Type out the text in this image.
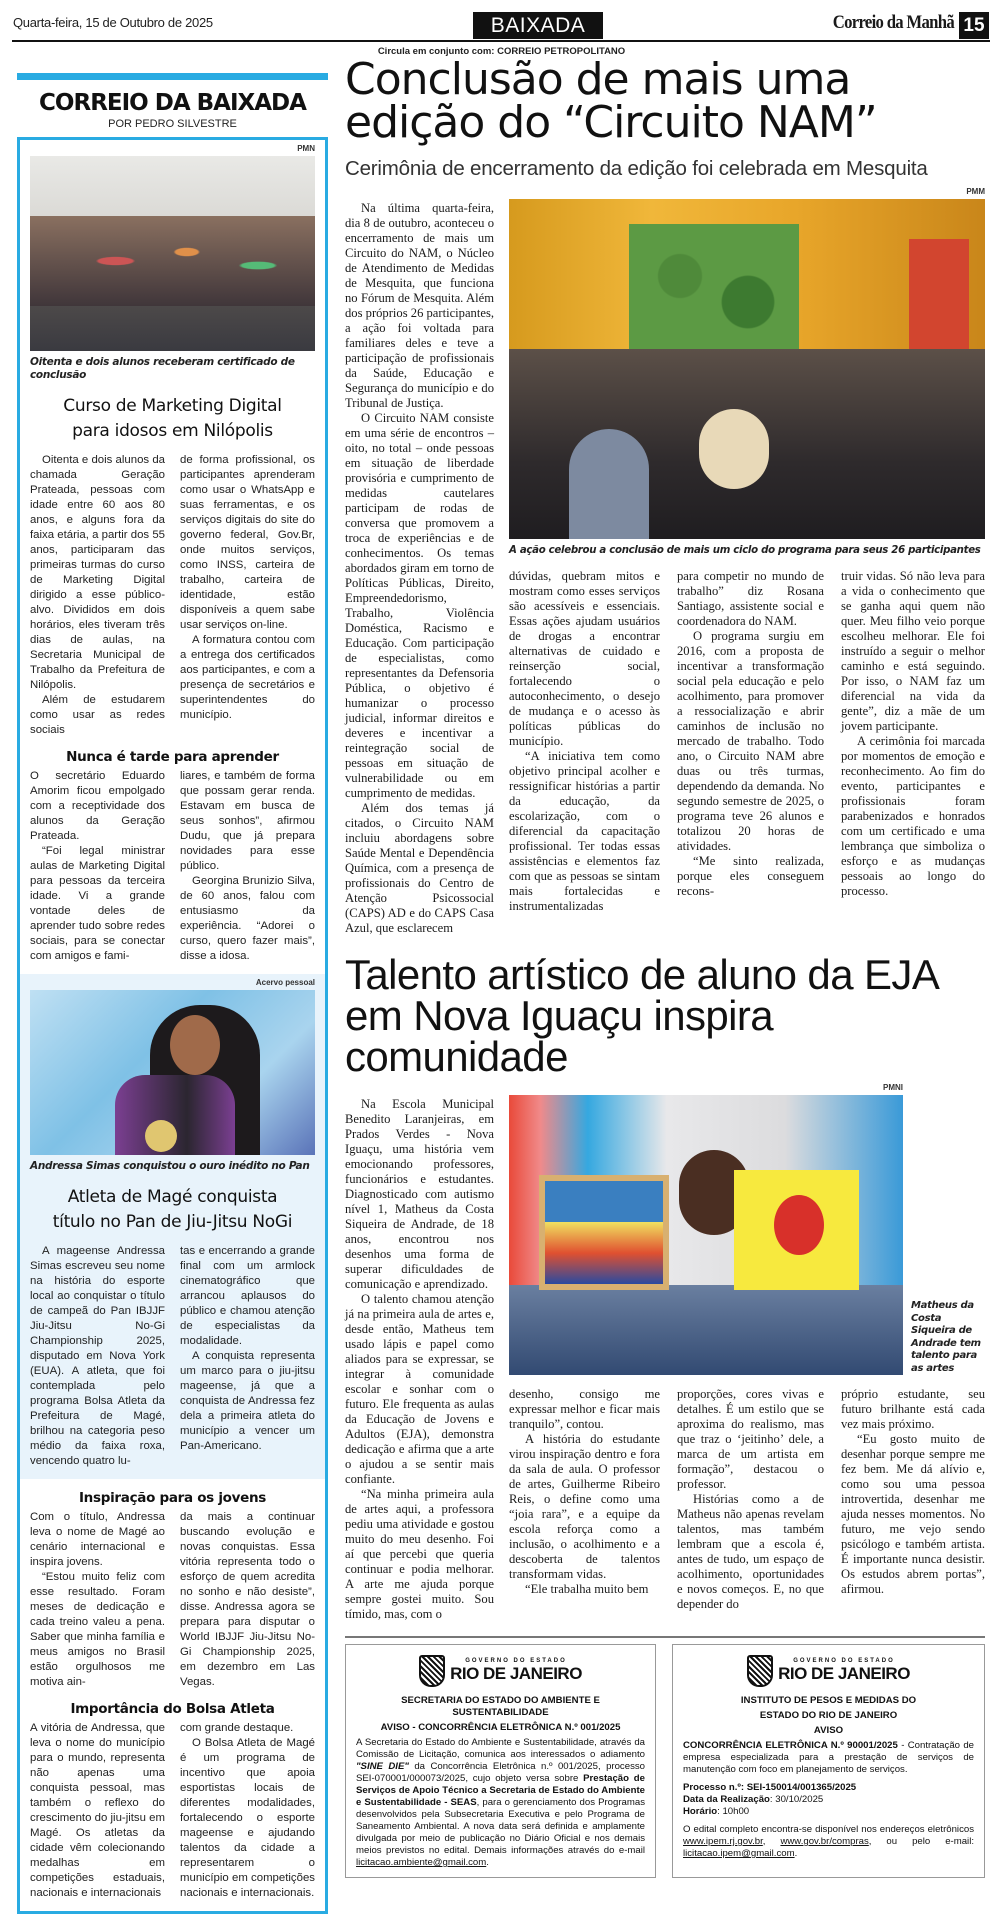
Quarta-feira, 15 de Outubro de 2025	BAIXADA	Correio da Manhã 15
Circula em conjunto com: CORREIO PETROPOLITANO
CORREIO DA BAIXADA
POR PEDRO SILVESTRE
PMN
Oitenta e dois alunos receberam certificado de conclusão
Curso de Marketing Digital
para idosos em Nilópolis

Oitenta e dois alunos da chamada Geração Prateada, pessoas com idade entre 60 aos 80 anos, e alguns fora da faixa etária, a partir dos 55 anos, participaram das primeiras turmas do curso de Marketing Digital dirigido a esse público-alvo. Divididos em dois horários, eles tiveram três dias de aulas, na Secretaria Municipal de Trabalho da Prefeitura de Nilópolis.

Além de estudarem como usar as redes sociais

de forma profissional, os participantes aprenderam como usar o WhatsApp e suas ferramentas, e os serviços digitais do site do governo federal, Gov.Br, onde muitos serviços, como INSS, carteira de trabalho, carteira de identidade, estão disponíveis a quem sabe usar serviços on-line.

A formatura contou com a entrega dos certificados aos participantes, e com a presença de secretários e superintendentes do município.

Nunca é tarde para aprender

O secretário Eduardo Amorim ficou empolgado com a receptividade dos alunos da Geração Prateada.

“Foi legal ministrar aulas de Marketing Digital para pessoas da terceira idade. Vi a grande vontade deles de aprender tudo sobre redes sociais, para se conectar com amigos e fami-

liares, e também de forma que possam gerar renda. Estavam em busca de seus sonhos”, afirmou Dudu, que já prepara novidades para esse público.

Georgina Brunizio Silva, de 60 anos, falou com entusiasmo da experiência. “Adorei o curso, quero fazer mais”, disse a idosa.

Acervo pessoal
Andressa Simas conquistou o ouro inédito no Pan
Atleta de Magé conquista
título no Pan de Jiu-Jitsu NoGi

A mageense Andressa Simas escreveu seu nome na história do esporte local ao conquistar o título de campeã do Pan IBJJF Jiu-Jitsu No-Gi Championship 2025, disputado em Nova York (EUA). A atleta, que foi contemplada pelo programa Bolsa Atleta da Prefeitura de Magé, brilhou na categoria peso médio da faixa roxa, vencendo quatro lu-

tas e encerrando a grande final com um armlock cinematográfico que arrancou aplausos do público e chamou atenção de especialistas da modalidade.

A conquista representa um marco para o jiu-jitsu mageense, já que a conquista de Andressa fez dela a primeira atleta do município a vencer um Pan-Americano.

Inspiração para os jovens

Com o título, Andressa leva o nome de Magé ao cenário internacional e inspira jovens.

“Estou muito feliz com esse resultado. Foram meses de dedicação e cada treino valeu a pena. Saber que minha família e meus amigos no Brasil estão orgulhosos me motiva ain-

da mais a continuar buscando evolução e novas conquistas. Essa vitória representa todo o esforço de quem acredita no sonho e não desiste”, disse. Andressa agora se prepara para disputar o World IBJJF Jiu-Jitsu No-Gi Championship 2025, em dezembro em Las Vegas.

Importância do Bolsa Atleta

A vitória de Andressa, que leva o nome do município para o mundo, representa não apenas uma conquista pessoal, mas também o reflexo do crescimento do jiu-jitsu em Magé. Os atletas da cidade vêm colecionando medalhas em competições estaduais, nacionais e internacionais

com grande destaque.

O Bolsa Atleta de Magé é um programa de incentivo que apoia esportistas locais de diferentes modalidades, fortalecendo o esporte mageense e ajudando talentos da cidade a representarem o município em competições nacionais e internacionais.

Conclusão de mais uma
edição do “Circuito NAM”
Cerimônia de encerramento da edição foi celebrada em Mesquita

Na última quarta-feira, dia 8 de outubro, aconteceu o encerramento de mais um Circuito do NAM, o Núcleo de Atendimento de Medidas de Mesquita, que funciona no Fórum de Mesquita. Além dos próprios 26 participantes, a ação foi voltada para familiares deles e teve a participação de profissionais da Saúde, Educação e Segurança do município e do Tribunal de Justiça.

O Circuito NAM consiste em uma série de encontros – oito, no total – onde pessoas em situação de liberdade provisória e cumprimento de medidas cautelares participam de rodas de conversa que promovem a troca de experiências e de conhecimentos. Os temas abordados giram em torno de Políticas Públicas, Direito, Empreendedorismo, Trabalho, Violência Doméstica, Racismo e Educação. Com participação de especialistas, como representantes da Defensoria Pública, o objetivo é humanizar o processo judicial, informar direitos e deveres e incentivar a reintegração social de pessoas em situação de vulnerabilidade ou em cumprimento de medidas.

Além dos temas já citados, o Circuito NAM incluiu abordagens sobre Saúde Mental e Dependência Química, com a presença de profissionais do Centro de Atenção Psicossocial (CAPS) AD e do CAPS Casa Azul, que esclarecem

PMM
A ação celebrou a conclusão de mais um ciclo do programa para seus 26 participantes

dúvidas, quebram mitos e mostram como esses serviços são acessíveis e essenciais. Essas ações ajudam usuários de drogas a encontrar alternativas de cuidado e reinserção social, fortalecendo o autoconhecimento, o desejo de mudança e o acesso às políticas públicas do município.

“A iniciativa tem como objetivo principal acolher e ressignificar histórias a partir da educação, da escolarização, com o diferencial da capacitação profissional. Ter todas essas assistências e elementos faz com que as pessoas se sintam mais fortalecidas e instrumentalizadas

para competir no mundo de trabalho” diz Rosana Santiago, assistente social e coordenadora do NAM.

O programa surgiu em 2016, com a proposta de incentivar a transformação social pela educação e pelo acolhimento, para promover a ressocialização e abrir caminhos de inclusão no mercado de trabalho. Todo ano, o Circuito NAM abre duas ou três turmas, dependendo da demanda. No segundo semestre de 2025, o programa teve 26 alunos e totalizou 20 horas de atividades.

“Me sinto realizada, porque eles conseguem recons-

truir vidas. Só não leva para a vida o conhecimento que se ganha aqui quem não quer. Meu filho veio porque escolheu melhorar. Ele foi instruído a seguir o melhor caminho e está seguindo. Por isso, o NAM faz um diferencial na vida da gente”, diz a mãe de um jovem participante.

A cerimônia foi marcada por momentos de emoção e reconhecimento. Ao fim do evento, participantes e profissionais foram parabenizados e honrados com um certificado e uma lembrança que simboliza o esforço e as mudanças pessoais ao longo do processo.

Talento artístico de aluno da EJA
em Nova Iguaçu inspira comunidade

Na Escola Municipal Benedito Laranjeiras, em Prados Verdes - Nova Iguaçu, uma história vem emocionando professores, funcionários e estudantes. Diagnosticado com autismo nível 1, Matheus da Costa Siqueira de Andrade, de 18 anos, encontrou nos desenhos uma forma de superar dificuldades de comunicação e aprendizado.

O talento chamou atenção já na primeira aula de artes e, desde então, Matheus tem usado lápis e papel como aliados para se expressar, se integrar à comunidade escolar e sonhar com o futuro. Ele frequenta as aulas da Educação de Jovens e Adultos (EJA), demonstra dedicação e afirma que a arte o ajudou a se sentir mais confiante.

“Na minha primeira aula de artes aqui, a professora pediu uma atividade e gostou muito do meu desenho. Foi aí que percebi que queria continuar e podia melhorar. A arte me ajuda porque sempre gostei muito. Sou tímido, mas, com o

PMNI
Matheus da Costa Siqueira de Andrade tem talento para as artes

desenho, consigo me expressar melhor e ficar mais tranquilo”, contou.

A história do estudante virou inspiração dentro e fora da sala de aula. O professor de artes, Guilherme Ribeiro Reis, o define como uma “joia rara”, e a equipe da escola reforça como a inclusão, o acolhimento e a descoberta de talentos transformam vidas.

“Ele trabalha muito bem

proporções, cores vivas e detalhes. É um estilo que se aproxima do realismo, mas que traz o ‘jeitinho’ dele, a marca de um artista em formação”, destacou o professor.

Histórias como a de Matheus não apenas revelam talentos, mas também lembram que a escola é, antes de tudo, um espaço de acolhimento, oportunidades e novos começos. E, no que depender do

próprio estudante, seu futuro brilhante está cada vez mais próximo.

“Eu gosto muito de desenhar porque sempre me fez bem. Me dá alívio e, como sou uma pessoa introvertida, desenhar me ajuda nesses momentos. No futuro, me vejo sendo psicólogo e também artista. É importante nunca desistir. Os estudos abrem portas”, afirmou.

GOVERNO DO ESTADO
RIO DE JANEIRO
SECRETARIA DO ESTADO DO AMBIENTE E SUSTENTABILIDADE
AVISO - CONCORRÊNCIA ELETRÔNICA N.º 001/2025
A Secretaria do Estado do Ambiente e Sustentabilidade, através da Comissão de Licitação, comunica aos interessados o adiamento "SINE DIE" da Concorrência Eletrônica n.º 001/2025, processo SEI-070001/000073/2025, cujo objeto versa sobre Prestação de Serviços de Apoio Técnico a Secretaria de Estado do Ambiente e Sustentabilidade - SEAS, para o gerenciamento dos Programas desenvolvidos pela Subsecretaria Executiva e pelo Programa de Saneamento Ambiental. A nova data será definida e amplamente divulgada por meio de publicação no Diário Oficial e nos demais meios previstos no edital. Demais informações através do e-mail licitacao.ambiente@gmail.com.
GOVERNO DO ESTADO
RIO DE JANEIRO
INSTITUTO DE PESOS E MEDIDAS DO
ESTADO DO RIO DE JANEIRO
AVISO
CONCORRÊNCIA ELETRÔNICA N.º 90001/2025 - Contratação de empresa especializada para a prestação de serviços de manutenção com foco em planejamento de serviços.
Processo n.º: SEI-150014/001365/2025
Data da Realização: 30/10/2025
Horário: 10h00
O edital completo encontra-se disponível nos endereços eletrônicos www.ipem.rj.gov.br, www.gov.br/compras, ou pelo e-mail: licitacao.ipem@gmail.com.
